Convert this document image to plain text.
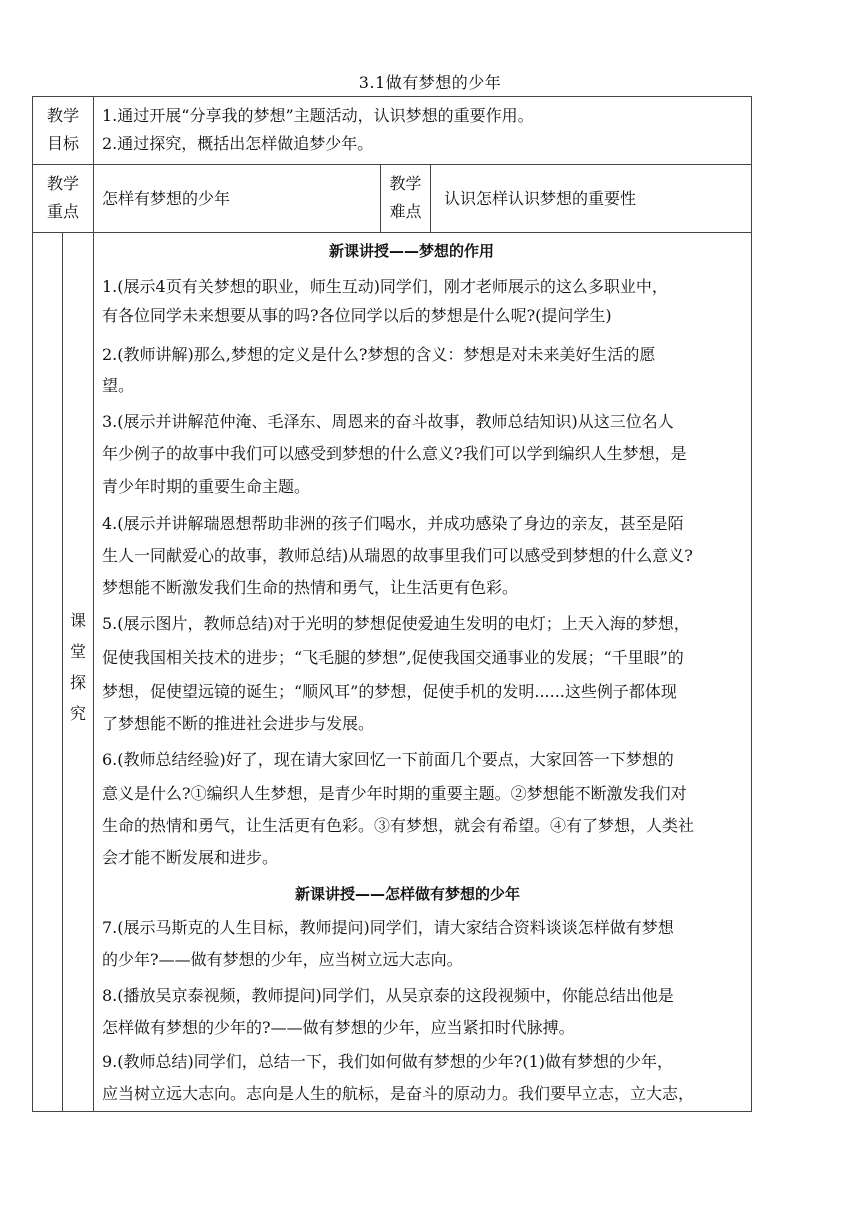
3.1做有梦想的少年
教学
目标
1.通过开展“分享我的梦想”主题活动，认识梦想的重要作用。
2.通过探究，概括出怎样做追梦少年。
教学
重点
怎样有梦想的少年
教学
难点
认识怎样认识梦想的重要性
课
堂
探
究
新课讲授——梦想的作用
1.(展示4页有关梦想的职业，师生互动)同学们，刚才老师展示的这么多职业中，
有各位同学未来想要从事的吗?各位同学以后的梦想是什么呢?(提问学生)
2.(教师讲解)那么,梦想的定义是什么?梦想的含义：梦想是对未来美好生活的愿
望。
3.(展示并讲解范仲淹、毛泽东、周恩来的奋斗故事，教师总结知识)从这三位名人
年少例子的故事中我们可以感受到梦想的什么意义?我们可以学到编织人生梦想，是
青少年时期的重要生命主题。
4.(展示并讲解瑞恩想帮助非洲的孩子们喝水，并成功感染了身边的亲友，甚至是陌
生人一同献爱心的故事，教师总结)从瑞恩的故事里我们可以感受到梦想的什么意义?
梦想能不断激发我们生命的热情和勇气，让生活更有色彩。
5.(展示图片，教师总结)对于光明的梦想促使爱迪生发明的电灯；上天入海的梦想，
促使我国相关技术的进步；“飞毛腿的梦想”,促使我国交通事业的发展；“千里眼”的
梦想，促使望远镜的诞生；“顺风耳”的梦想，促使手机的发明......这些例子都体现
了梦想能不断的推进社会进步与发展。
6.(教师总结经验)好了，现在请大家回忆一下前面几个要点，大家回答一下梦想的
意义是什么?①编织人生梦想，是青少年时期的重要主题。②梦想能不断激发我们对
生命的热情和勇气，让生活更有色彩。③有梦想，就会有希望。④有了梦想，人类社
会才能不断发展和进步。
新课讲授——怎样做有梦想的少年
7.(展示马斯克的人生目标，教师提问)同学们，请大家结合资料谈谈怎样做有梦想
的少年?——做有梦想的少年，应当树立远大志向。
8.(播放吴京泰视频，教师提问)同学们，从吴京泰的这段视频中，你能总结出他是
怎样做有梦想的少年的?——做有梦想的少年，应当紧扣时代脉搏。
9.(教师总结)同学们，总结一下，我们如何做有梦想的少年?(1)做有梦想的少年，
应当树立远大志向。志向是人生的航标，是奋斗的原动力。我们要早立志，立大志，
